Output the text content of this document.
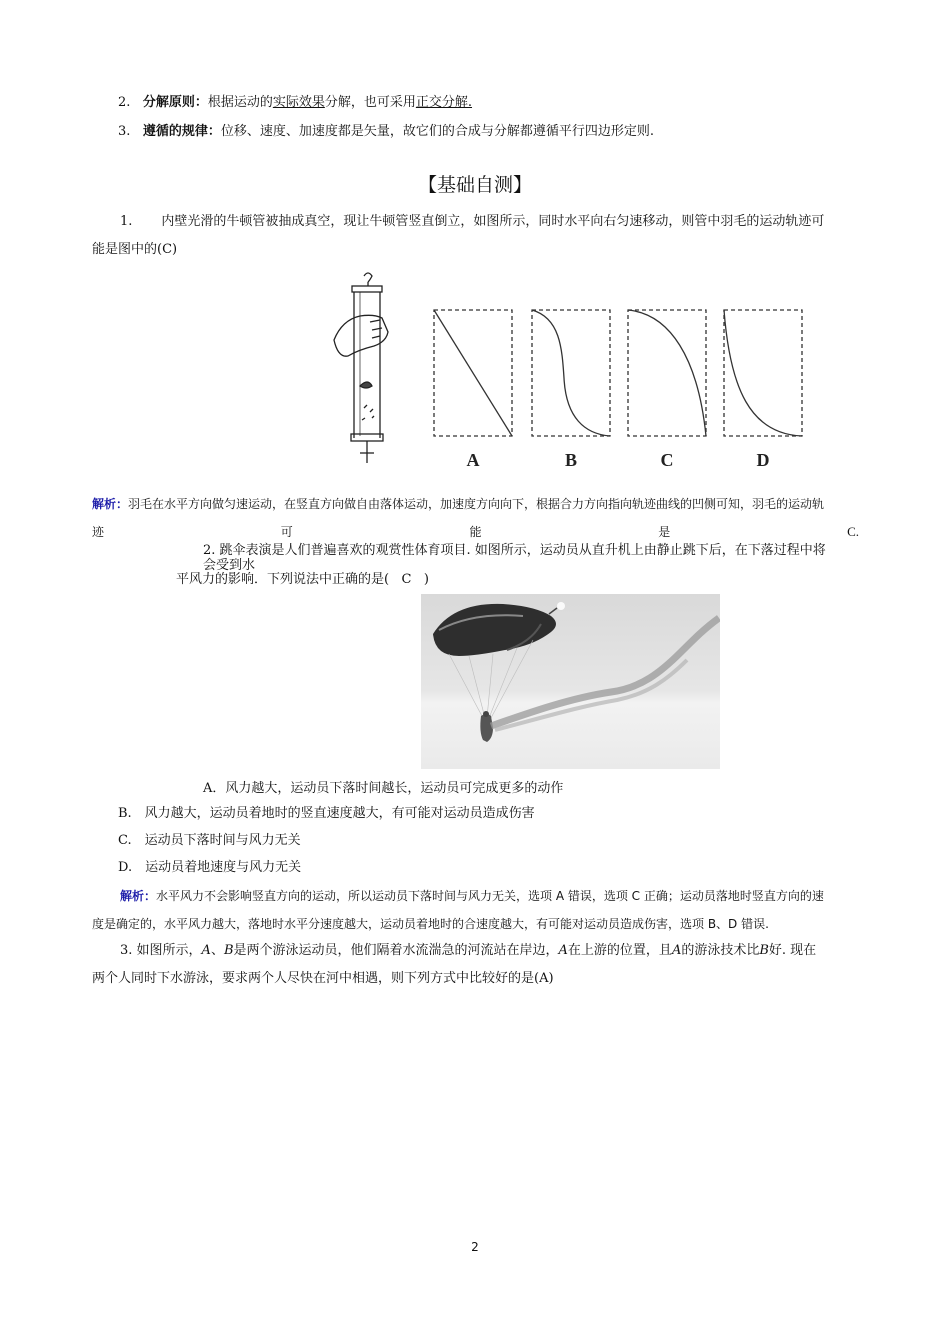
2. 分解原则：根据运动的实际效果分解，也可采用正交分解.
3. 遵循的规律：位移、速度、加速度都是矢量，故它们的合成与分解都遵循平行四边形定则.
【基础自测】
1. 内壁光滑的牛顿管被抽成真空，现让牛顿管竖直倒立，如图所示，同时水平向右匀速移动，则管中羽毛的运动轨迹可
能是图中的(C)
A	B	C	D
解析：羽毛在水平方向做匀速运动，在竖直方向做自由落体运动，加速度方向向下，根据合力方向指向轨迹曲线的凹侧可知，羽毛的运动轨
迹	可	能	是	C.
2. 跳伞表演是人们普遍喜欢的观赏性体育项目. 如图所示，运动员从直升机上由静止跳下后，在下落过程中将
会受到水
平风力的影响．下列说法中正确的是( C )
A．风力越大，运动员下落时间越长，运动员可完成更多的动作
B.　风力越大，运动员着地时的竖直速度越大，有可能对运动员造成伤害
C.　运动员下落时间与风力无关
D.　运动员着地速度与风力无关
解析：水平风力不会影响竖直方向的运动，所以运动员下落时间与风力无关，选项 A 错误，选项 C 正确；运动员落地时竖直方向的速
度是确定的，水平风力越大，落地时水平分速度越大，运动员着地时的合速度越大，有可能对运动员造成伤害，选项 B、D 错误.
3. 如图所示，A、B是两个游泳运动员，他们隔着水流湍急的河流站在岸边，A在上游的位置，且A的游泳技术比B好. 现在
两个人同时下水游泳，要求两个人尽快在河中相遇，则下列方式中比较好的是(A)
2
